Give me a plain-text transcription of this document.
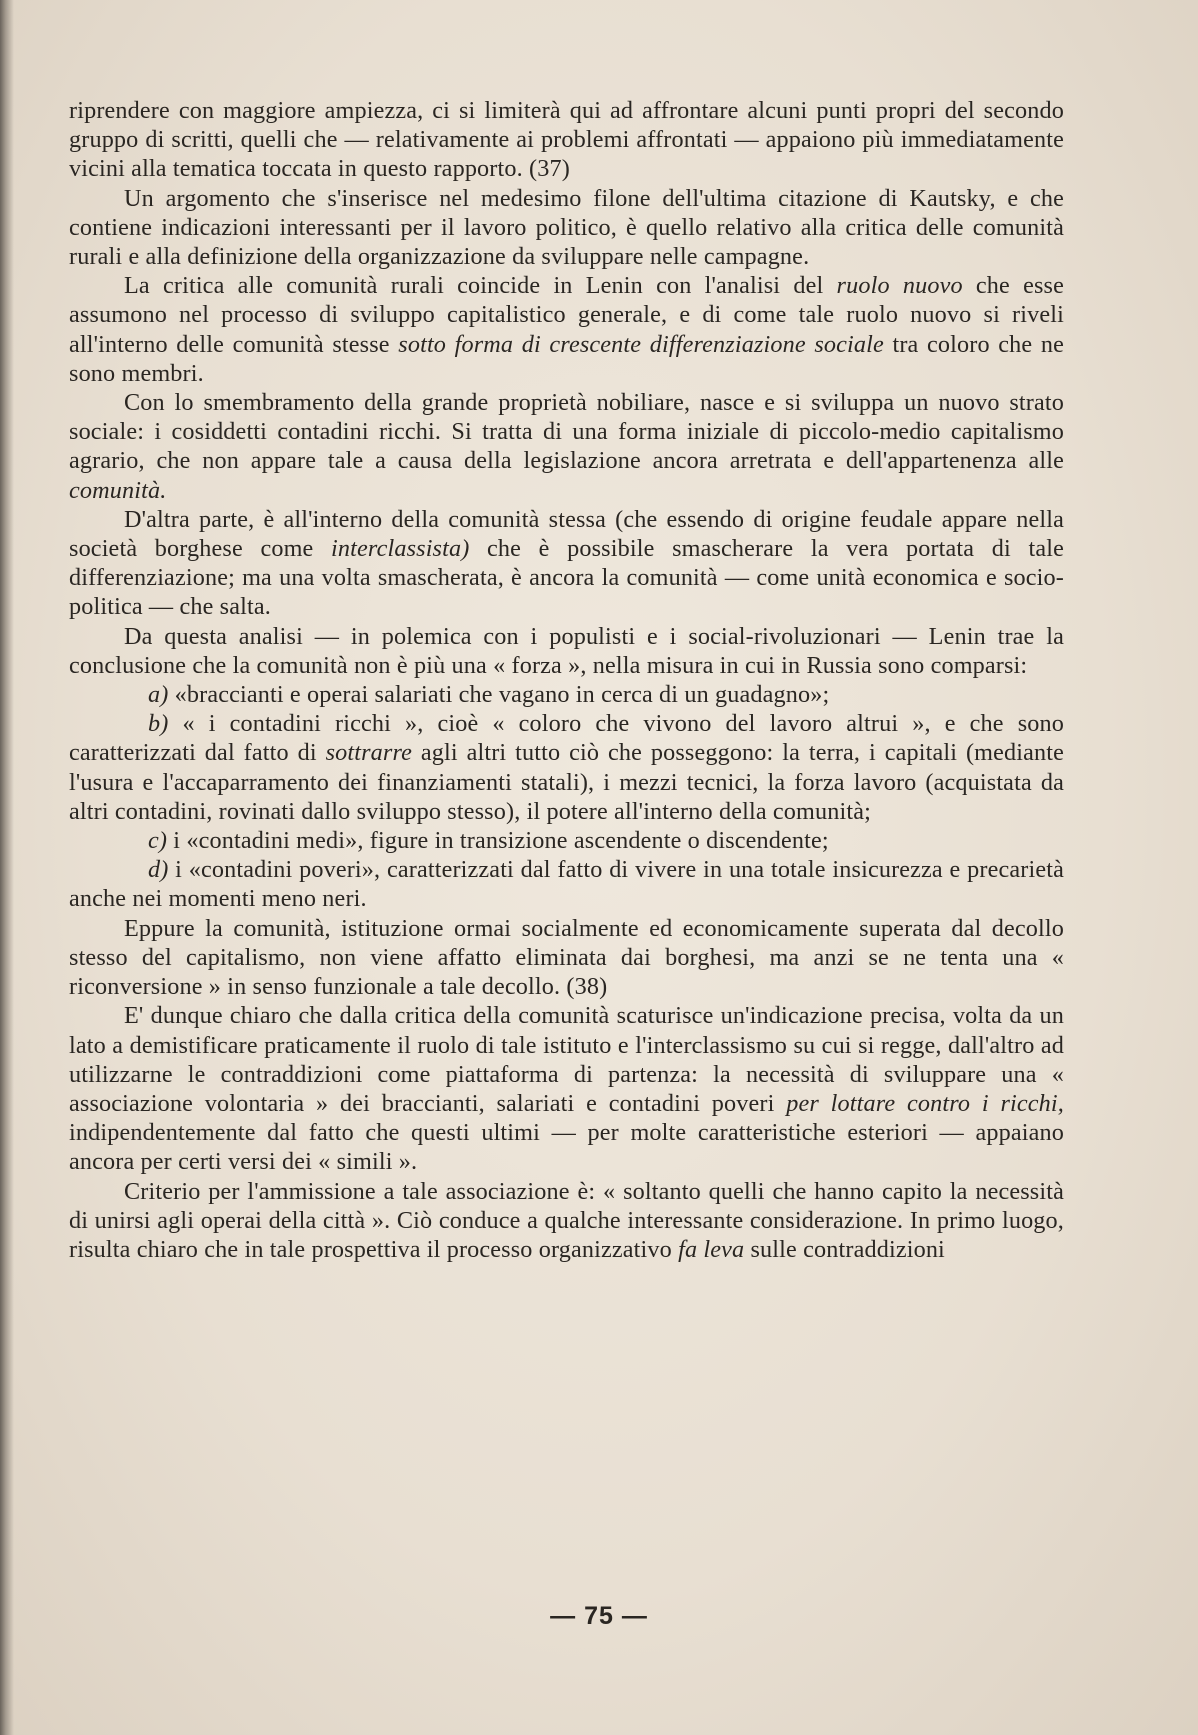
riprendere con maggiore ampiezza, ci si limiterà qui ad affrontare alcuni punti propri del secondo gruppo di scritti, quelli che — relativamente ai problemi affrontati — appaiono più immediatamente vicini alla tematica toccata in questo rapporto. (37)

Un argomento che s'inserisce nel medesimo filone dell'ultima citazione di Kautsky, e che contiene indicazioni interessanti per il lavoro politico, è quello relativo alla critica delle comunità rurali e alla definizione della organizzazione da sviluppare nelle campagne.

La critica alle comunità rurali coincide in Lenin con l'analisi del ruolo nuovo che esse assumono nel processo di sviluppo capitalistico generale, e di come tale ruolo nuovo si riveli all'interno delle comunità stesse sotto forma di crescente differenziazione sociale tra coloro che ne sono membri.

Con lo smembramento della grande proprietà nobiliare, nasce e si sviluppa un nuovo strato sociale: i cosiddetti contadini ricchi. Si tratta di una forma iniziale di piccolo-medio capitalismo agrario, che non appare tale a causa della legislazione ancora arretrata e dell'appartenenza alle comunità.

D'altra parte, è all'interno della comunità stessa (che essendo di origine feudale appare nella società borghese come interclassista) che è possibile smascherare la vera portata di tale differenziazione; ma una volta smascherata, è ancora la comunità — come unità economica e socio-politica — che salta.

Da questa analisi — in polemica con i populisti e i social-rivoluzionari — Lenin trae la conclusione che la comunità non è più una « forza », nella misura in cui in Russia sono comparsi:

a) «braccianti e operai salariati che vagano in cerca di un guadagno»;

b) « i contadini ricchi », cioè « coloro che vivono del lavoro altrui », e che sono caratterizzati dal fatto di sottrarre agli altri tutto ciò che posseggono: la terra, i capitali (mediante l'usura e l'accaparramento dei finanziamenti statali), i mezzi tecnici, la forza lavoro (acquistata da altri contadini, rovinati dallo sviluppo stesso), il potere all'interno della comunità;

c) i «contadini medi», figure in transizione ascendente o discendente;

d) i «contadini poveri», caratterizzati dal fatto di vivere in una totale insicurezza e precarietà anche nei momenti meno neri.

Eppure la comunità, istituzione ormai socialmente ed economicamente superata dal decollo stesso del capitalismo, non viene affatto eliminata dai borghesi, ma anzi se ne tenta una « riconversione » in senso funzionale a tale decollo. (38)

E' dunque chiaro che dalla critica della comunità scaturisce un'indicazione precisa, volta da un lato a demistificare praticamente il ruolo di tale istituto e l'interclassismo su cui si regge, dall'altro ad utilizzarne le contraddizioni come piattaforma di partenza: la necessità di sviluppare una « associazione volontaria » dei braccianti, salariati e contadini poveri per lottare contro i ricchi, indipendentemente dal fatto che questi ultimi — per molte caratteristiche esteriori — appaiano ancora per certi versi dei « simili ».

Criterio per l'ammissione a tale associazione è: « soltanto quelli che hanno capito la necessità di unirsi agli operai della città ». Ciò conduce a qualche interessante considerazione. In primo luogo, risulta chiaro che in tale prospettiva il processo organizzativo fa leva sulle contraddizioni

— 75 —
